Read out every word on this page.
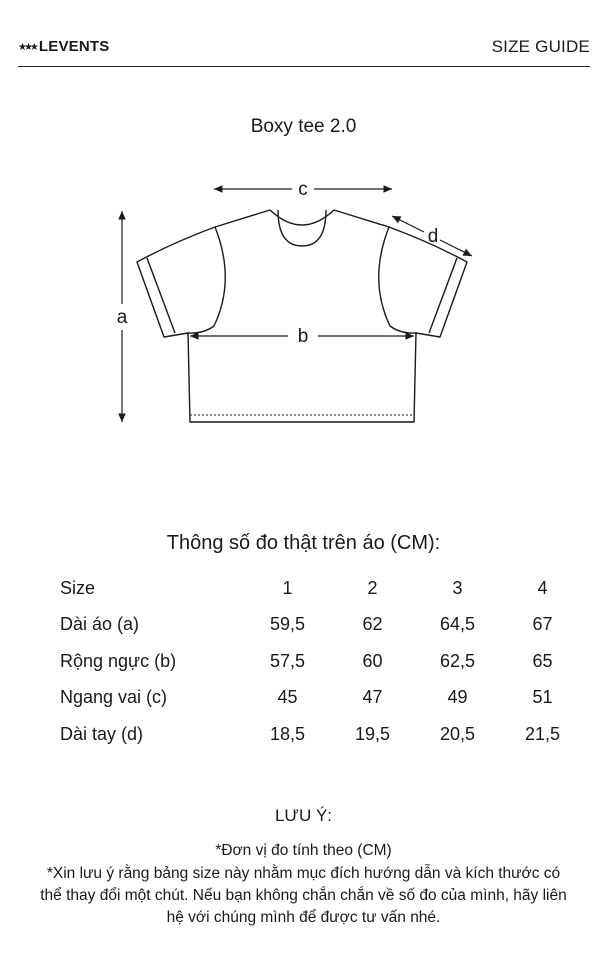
★★★ LEVENTS	SIZE GUIDE
Boxy tee 2.0
c
d
a
b
Thông số đo thật trên áo (CM):
Size	1	2	3	4
Dài áo (a)	59,5	62	64,5	67
Rộng ngực (b)	57,5	60	62,5	65
Ngang vai (c)	45	47	49	51
Dài tay (d)	18,5	19,5	20,5	21,5
LƯU Ý:
*Đơn vị đo tính theo (CM)
*Xin lưu ý rằng bảng size này nhằm mục đích hướng dẫn và kích thước có thể thay đổi một chút. Nếu bạn không chắn chắn về số đo của mình, hãy liên hệ với chúng mình để được tư vấn nhé.
